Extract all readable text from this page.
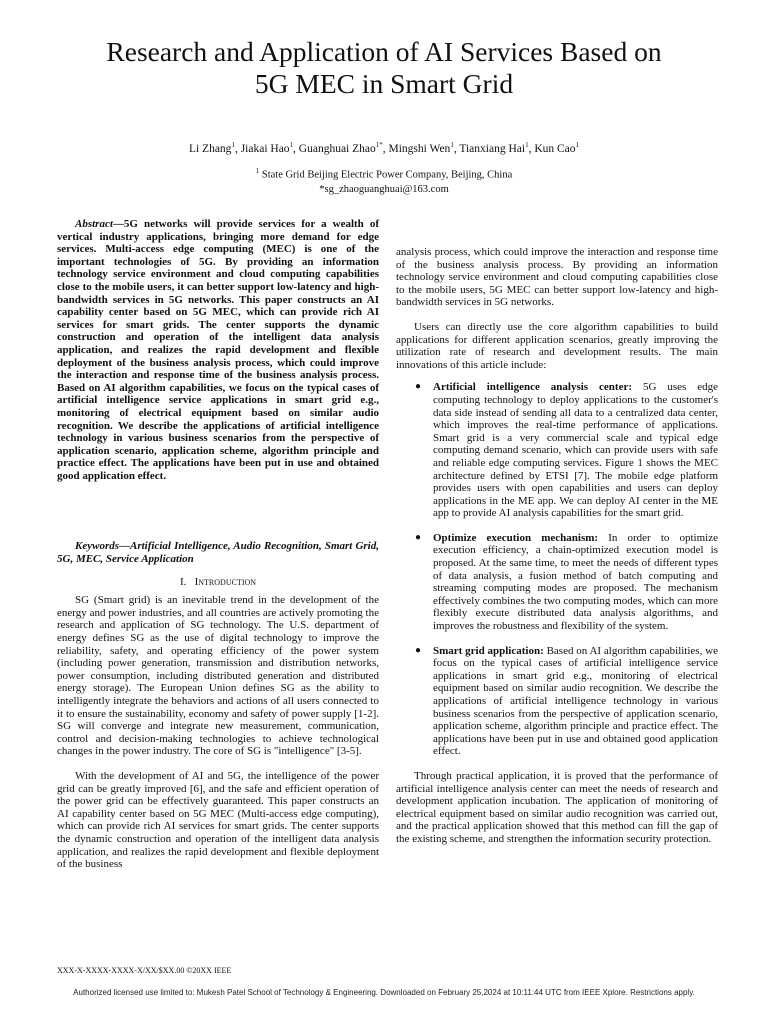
Research and Application of AI Services Based on
5G MEC in Smart Grid
Li Zhang$^1$, Jiakai Hao$^1$, Guanghuai Zhao$^{1*}$, Mingshi Wen$^1$, Tianxiang Hai$^1$, Kun Cao$^1$
$^1$ State Grid Beijing Electric Power Company, Beijing, China
*sg_zhaoguanghuai@163.com

Abstract—5G networks will provide services for a wealth of vertical industry applications, bringing more demand for edge services. Multi-access edge computing (MEC) is one of the important technologies of 5G. By providing an information technology service environment and cloud computing capabilities close to the mobile users, it can better support low-latency and high-bandwidth services in 5G networks. This paper constructs an AI capability center based on 5G MEC, which can provide rich AI services for smart grids. The center supports the dynamic construction and operation of the intelligent data analysis application, and realizes the rapid development and flexible deployment of the business analysis process, which could improve the interaction and response time of the business analysis process. Based on AI algorithm capabilities, we focus on the typical cases of artificial intelligence service applications in smart grid e.g., monitoring of electrical equipment based on similar audio recognition. We describe the applications of artificial intelligence technology in various business scenarios from the perspective of application scenario, application scheme, algorithm principle and practice effect. The applications have been put in use and obtained good application effect.

Keywords—Artificial Intelligence, Audio Recognition, Smart Grid, 5G, MEC, Service Application

I. Introduction

SG (Smart grid) is an inevitable trend in the development of the energy and power industries, and all countries are actively promoting the research and application of SG technology. The U.S. department of energy defines SG as the use of digital technology to improve the reliability, safety, and operating efficiency of the power system (including power generation, transmission and distribution networks, power consumption, including distributed generation and distributed energy storage). The European Union defines SG as the ability to intelligently integrate the behaviors and actions of all users connected to it to ensure the sustainability, economy and safety of power supply [1-2]. SG will converge and integrate new measurement, communication, control and decision-making technologies to achieve technological changes in the power industry. The core of SG is "intelligence" [3-5].

With the development of AI and 5G, the intelligence of the power grid can be greatly improved [6], and the safe and efficient operation of the power grid can be effectively guaranteed. This paper constructs an AI capability center based on 5G MEC (Multi-access edge computing), which can provide rich AI services for smart grids. The center supports the dynamic construction and operation of the intelligent data analysis application, and realizes the rapid development and flexible deployment of the business

analysis process, which could improve the interaction and response time of the business analysis process. By providing an information technology service environment and cloud computing capabilities close to the mobile users, 5G MEC can better support low-latency and high-bandwidth services in 5G networks.

Users can directly use the core algorithm capabilities to build applications for different application scenarios, greatly improving the utilization rate of research and development results. The main innovations of this article include:

● Artificial intelligence analysis center: 5G uses edge computing technology to deploy applications to the customer's data side instead of sending all data to a centralized data center, which improves the real-time performance of applications. Smart grid is a very commercial scale and typical edge computing demand scenario, which can provide users with safe and reliable edge computing services. Figure 1 shows the MEC architecture defined by ETSI [7]. The mobile edge platform provides users with open capabilities and users can deploy applications in the ME app. We can deploy AI center in the ME app to provide AI analysis capabilities for the smart grid.
● Optimize execution mechanism: In order to optimize execution efficiency, a chain-optimized execution model is proposed. At the same time, to meet the needs of different types of data analysis, a fusion method of batch computing and streaming computing modes are proposed. The mechanism effectively combines the two computing modes, which can more flexibly execute distributed data analysis algorithms, and improves the robustness and flexibility of the system.
● Smart grid application: Based on AI algorithm capabilities, we focus on the typical cases of artificial intelligence service applications in smart grid e.g., monitoring of electrical equipment based on similar audio recognition. We describe the applications of artificial intelligence technology in various business scenarios from the perspective of application scenario, application scheme, algorithm principle and practice effect. The applications have been put in use and obtained good application effect.

Through practical application, it is proved that the performance of artificial intelligence analysis center can meet the needs of research and development application incubation. The application of monitoring of electrical equipment based on similar audio recognition was carried out, and the practical application showed that this method can fill the gap of the existing scheme, and strengthen the information security protection.

XXX-X-XXXX-XXXX-X/XX/$XX.00 ©20XX IEEE
Authorized licensed use limited to: Mukesh Patel School of Technology & Engineering. Downloaded on February 25,2024 at 10:11:44 UTC from IEEE Xplore. Restrictions apply.
